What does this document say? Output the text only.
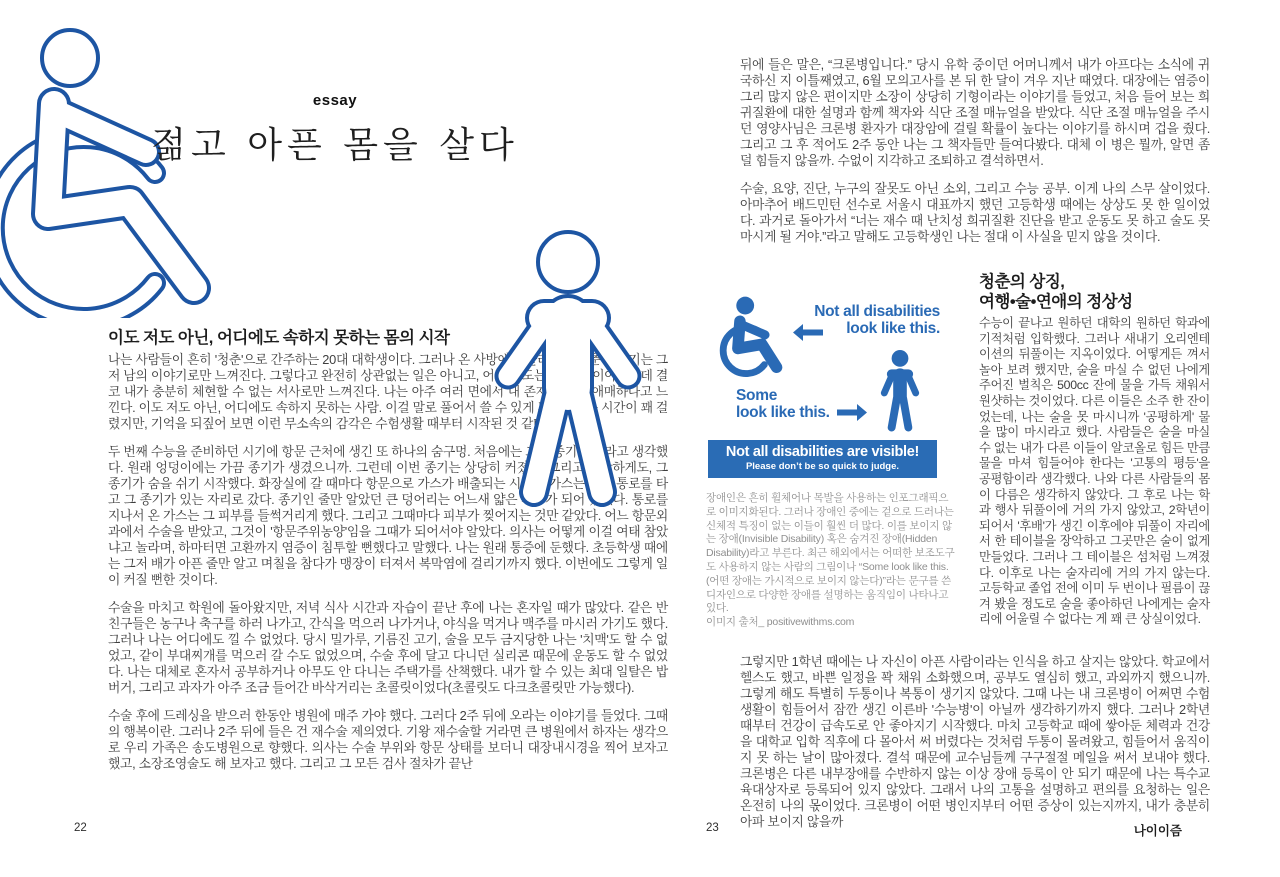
essay
젊고 아픈 몸을 살다
이도 저도 아닌, 어디에도 속하지 못하는 몸의 시작

나는 사람들이 흔히 '청춘'으로 간주하는 20대 대학생이다. 그러나 온 사방에서 들려오는 청춘 이야기는 그저 남의 이야기로만 느껴진다. 그렇다고 완전히 상관없는 일은 아니고, 어느 정도는 분명 내 이야기인데 결코 내가 충분히 체현할 수 없는 서사로만 느껴진다. 나는 아주 여러 면에서 내 존재 자체가 애매하다고 느낀다. 이도 저도 아닌, 어디에도 속하지 못하는 사람. 이걸 말로 풀어서 쓸 수 있게 되기까지는 시간이 꽤 걸렸지만, 기억을 되짚어 보면 이런 무소속의 감각은 수험생활 때부터 시작된 것 같다.

두 번째 수능을 준비하던 시기에 항문 근처에 생긴 또 하나의 숨구멍. 처음에는 그냥 종기일 거라고 생각했다. 원래 엉덩이에는 가끔 종기가 생겼으니까. 그런데 이번 종기는 상당히 커졌다. 그리고 이상하게도, 그 종기가 숨을 쉬기 시작했다. 화장실에 갈 때마다 항문으로 가스가 배출되는 시점에 가스는 어떤 통로를 타고 그 종기가 있는 자리로 갔다. 종기인 줄만 알았던 큰 덩어리는 어느새 얇은 피부가 되어 있었다. 통로를 지나서 온 가스는 그 피부를 들썩거리게 했다. 그리고 그때마다 피부가 찢어지는 것만 같았다. 어느 항문외과에서 수술을 받았고, 그것이 '항문주위농양'임을 그때가 되어서야 알았다. 의사는 어떻게 이걸 여태 참았냐고 놀라며, 하마터면 고환까지 염증이 침투할 뻔했다고 말했다. 나는 원래 통증에 둔했다. 초등학생 때에는 그저 배가 아픈 줄만 알고 며칠을 참다가 맹장이 터져서 복막염에 걸리기까지 했다. 이번에도 그렇게 일이 커질 뻔한 것이다.

수술을 마치고 학원에 돌아왔지만, 저녁 식사 시간과 자습이 끝난 후에 나는 혼자일 때가 많았다. 같은 반 친구들은 농구나 축구를 하러 나가고, 간식을 먹으러 나가거나, 야식을 먹거나 맥주를 마시러 가기도 했다. 그러나 나는 어디에도 낄 수 없었다. 당시 밀가루, 기름진 고기, 술을 모두 금지당한 나는 '치맥'도 할 수 없었고, 같이 부대찌개를 먹으러 갈 수도 없었으며, 수술 후에 달고 다니던 실리콘 때문에 운동도 할 수 없었다. 나는 대체로 혼자서 공부하거나 아무도 안 다니는 주택가를 산책했다. 내가 할 수 있는 최대 일탈은 밥버거, 그리고 과자가 아주 조금 들어간 바삭거리는 초콜릿이었다(초콜릿도 다크초콜릿만 가능했다).

수술 후에 드레싱을 받으러 한동안 병원에 매주 가야 했다. 그러다 2주 뒤에 오라는 이야기를 들었다. 그때의 행복이란. 그러나 2주 뒤에 들은 건 재수술 제의였다. 기왕 재수술할 거라면 큰 병원에서 하자는 생각으로 우리 가족은 송도병원으로 향했다. 의사는 수술 부위와 항문 상태를 보더니 대장내시경을 찍어 보자고 했고, 소장조영술도 해 보자고 했다. 그리고 그 모든 검사 절차가 끝난

뒤에 들은 말은, “크론병입니다.” 당시 유학 중이던 어머니께서 내가 아프다는 소식에 귀국하신 지 이틀째였고, 6월 모의고사를 본 뒤 한 달이 겨우 지난 때였다. 대장에는 염증이 그리 많지 않은 편이지만 소장이 상당히 기형이라는 이야기를 들었고, 처음 들어 보는 희귀질환에 대한 설명과 함께 책자와 식단 조절 매뉴얼을 받았다. 식단 조절 매뉴얼을 주시던 영양사님은 크론병 환자가 대장암에 걸릴 확률이 높다는 이야기를 하시며 겁을 줬다. 그리고 그 후 적어도 2주 동안 나는 그 책자들만 들여다봤다. 대체 이 병은 뭘까, 알면 좀 덜 힘들지 않을까. 수없이 지각하고 조퇴하고 결석하면서.

수술, 요양, 진단, 누구의 잘못도 아닌 소외, 그리고 수능 공부. 이게 나의 스무 살이었다. 아마추어 배드민턴 선수로 서울시 대표까지 했던 고등학생 때에는 상상도 못 한 일이었다. 과거로 돌아가서 “너는 재수 때 난치성 희귀질환 진단을 받고 운동도 못 하고 술도 못 마시게 될 거야.”라고 말해도 고등학생인 나는 절대 이 사실을 믿지 않을 것이다.

Not all disabilities
look like this.
Some
look like this.
Not all disabilities are visible!
Please don’t be so quick to judge.
장애인은 흔히 휠체어나 목발을 사용하는 인포그래픽으로 이미지화된다. 그러나 장애인 중에는 겉으로 드러나는 신체적 특징이 없는 이들이 훨씬 더 많다. 이를 보이지 않는 장애(Invisible Disability) 혹은 숨겨진 장애(Hidden Disability)라고 부른다. 최근 해외에서는 어떠한 보조도구도 사용하지 않는 사람의 그림이나 “Some look like this. (어떤 장애는 가시적으로 보이지 않는다)”라는 문구를 쓴 디자인으로 다양한 장애를 설명하는 움직임이 나타나고 있다.
이미지 출처_ positivewithms.com
청춘의 상징,
여행•술•연애의 정상성
수능이 끝나고 원하던 대학의 원하던 학과에 기적처럼 입학했다. 그러나 새내기 오리엔테이션의 뒤풀이는 지옥이었다. 어떻게든 껴서 놀아 보려 했지만, 술을 마실 수 없던 나에게 주어진 벌칙은 500cc 잔에 물을 가득 채워서 원샷하는 것이었다. 다른 이들은 소주 한 잔이었는데, 나는 술을 못 마시니까 '공평하게' 물을 많이 마시라고 했다. 사람들은 술을 마실 수 없는 내가 다른 이들이 알코올로 힘든 만큼 물을 마셔 힘들어야 한다는 '고통의 평등'을 공평함이라 생각했다. 나와 다른 사람들의 몸이 다름은 생각하지 않았다. 그 후로 나는 학과 행사 뒤풀이에 거의 가지 않았고, 2학년이 되어서 '후배'가 생긴 이후에야 뒤풀이 자리에서 한 테이블을 장악하고 그곳만은 술이 없게 만들었다. 그러나 그 테이블은 섬처럼 느껴졌다. 이후로 나는 술자리에 거의 가지 않는다. 고등학교 졸업 전에 이미 두 번이나 필름이 끊겨 봤을 정도로 술을 좋아하던 나에게는 술자리에 어울릴 수 없다는 게 꽤 큰 상실이었다.
그렇지만 1학년 때에는 나 자신이 아픈 사람이라는 인식을 하고 살지는 않았다. 학교에서 헬스도 했고, 바쁜 일정을 꽉 채워 소화했으며, 공부도 열심히 했고, 과외까지 했으니까. 그렇게 해도 특별히 두통이나 복통이 생기지 않았다. 그때 나는 내 크론병이 어쩌면 수험생활이 힘들어서 잠깐 생긴 이른바 '수능병'이 아닐까 생각하기까지 했다. 그러나 2학년 때부터 건강이 급속도로 안 좋아지기 시작했다. 마치 고등학교 때에 쌓아둔 체력과 건강을 대학교 입학 직후에 다 몰아서 써 버렸다는 것처럼 두통이 몰려왔고, 힘들어서 움직이지 못 하는 날이 많아졌다. 결석 때문에 교수님들께 구구절절 메일을 써서 보내야 했다. 크론병은 다른 내부장애를 수반하지 않는 이상 장애 등록이 안 되기 때문에 나는 특수교육대상자로 등록되어 있지 않았다. 그래서 나의 고통을 설명하고 편의를 요청하는 일은 온전히 나의 몫이었다. 크론병이 어떤 병인지부터 어떤 증상이 있는지까지, 내가 충분히 아파 보이지 않을까
22	23	나이이즘
